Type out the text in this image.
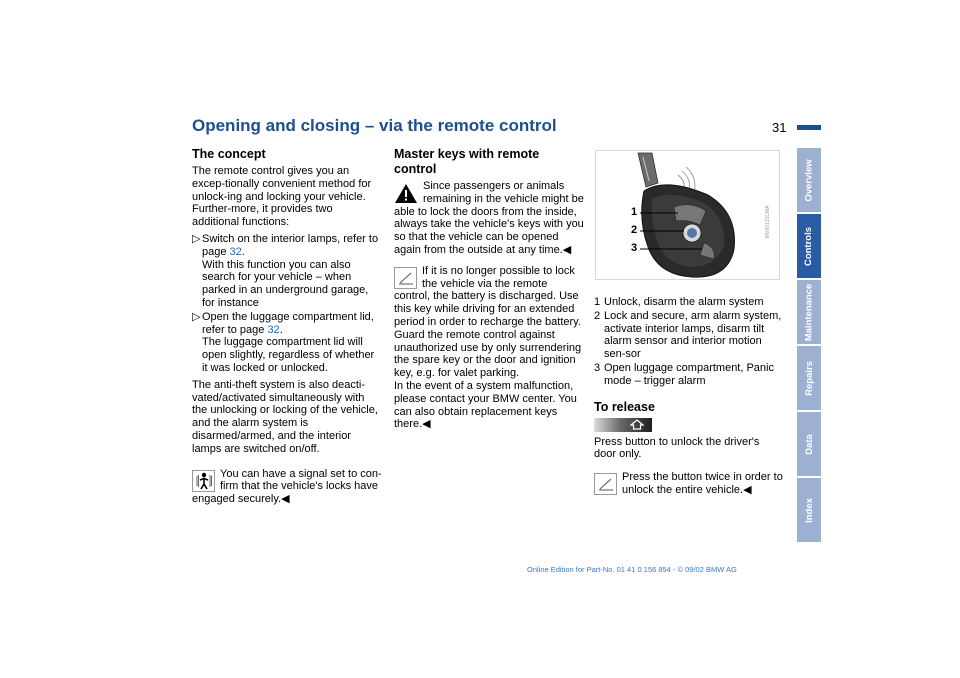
Opening and closing – via the remote control	31
The concept

The remote control gives you an excep-tionally convenient method for unlock-ing and locking your vehicle. Further-more, it provides two additional functions:

▷ Switch on the interior lamps, refer to page 32.
With this function you can also search for your vehicle – when parked in an underground garage, for instance
▷ Open the luggage compartment lid, refer to page 32.
The luggage compartment lid will open slightly, regardless of whether it was locked or unlocked.

The anti-theft system is also deacti-vated/activated simultaneously with the unlocking or locking of the vehicle, and the alarm system is disarmed/armed, and the interior lamps are switched on/off.

You can have a signal set to con-firm that the vehicle's locks have engaged securely.◀
Master keys with remote control
Since passengers or animals remaining in the vehicle might be able to lock the doors from the inside, always take the vehicle's keys with you so that the vehicle can be opened again from the outside at any time.◀
If it is no longer possible to lock the vehicle via the remote control, the battery is discharged. Use this key while driving for an extended period in order to recharge the battery. Guard the remote control against unauthorized use by only surrendering the spare key or the door and ignition key, e.g. for valet parking.
In the event of a system malfunction, please contact your BMW center. You can also obtain replacement keys there.◀
1
2
3
MV00131CMA
1 Unlock, disarm the alarm system
2 Lock and secure, arm alarm system, activate interior lamps, disarm tilt alarm sensor and interior motion sen-sor
3 Open luggage compartment, Panic mode – trigger alarm
To release

Press button to unlock the driver's door only.

Press the button twice in order to unlock the entire vehicle.◀
Overview
Controls
Maintenance
Repairs
Data
Index
Online Edition for Part-No. 01 41 0 156 854 - © 09/02 BMW AG
